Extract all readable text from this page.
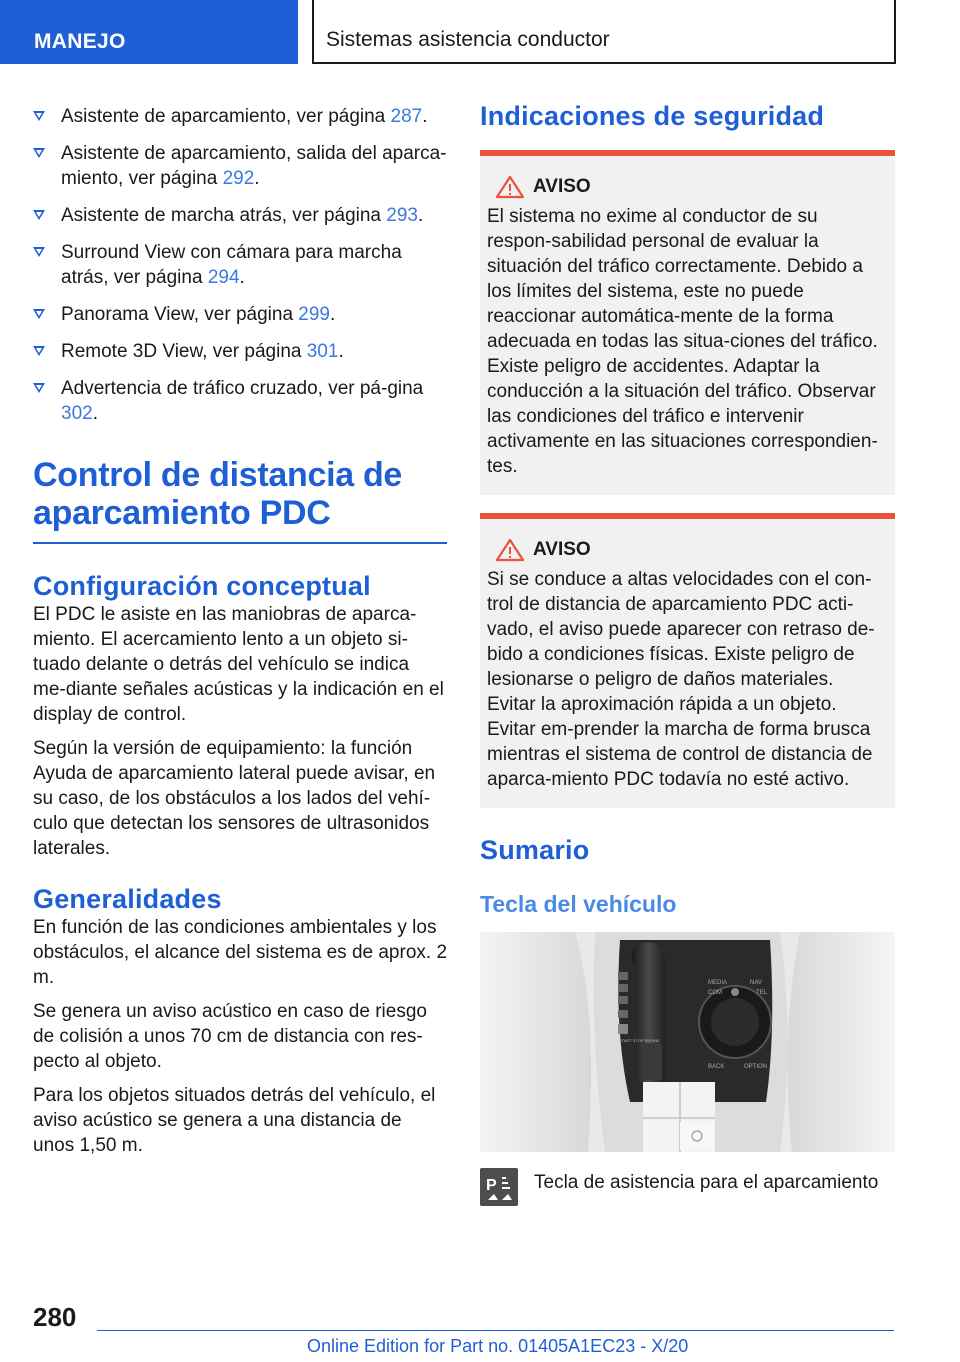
MANEJO	Sistemas asistencia conductor
Asistente de aparcamiento, ver página 287.
Asistente de aparcamiento, salida del aparca-miento, ver página 292.
Asistente de marcha atrás, ver página 293.
Surround View con cámara para marcha atrás, ver página 294.
Panorama View, ver página 299.
Remote 3D View, ver página 301.
Advertencia de tráfico cruzado, ver pá-gina 302.
Control de distancia de aparcamiento PDC
Configuración conceptual

El PDC le asiste en las maniobras de aparca-miento. El acercamiento lento a un objeto si-tuado delante o detrás del vehículo se indica me-diante señales acústicas y la indicación en el display de control.

Según la versión de equipamiento: la función Ayuda de aparcamiento lateral puede avisar, en su caso, de los obstáculos a los lados del vehí-culo que detectan los sensores de ultrasonidos laterales.

Generalidades

En función de las condiciones ambientales y los obstáculos, el alcance del sistema es de aprox. 2 m.

Se genera un aviso acústico en caso de riesgo de colisión a unos 70 cm de distancia con res-pecto al objeto.

Para los objetos situados detrás del vehículo, el aviso acústico se genera a una distancia de unos 1,50 m.

Indicaciones de seguridad
AVISO

El sistema no exime al conductor de su respon-sabilidad personal de evaluar la situación del tráfico correctamente. Debido a los límites del sistema, este no puede reaccionar automática-mente de la forma adecuada en todas las situa-ciones del tráfico. Existe peligro de accidentes. Adaptar la conducción a la situación del tráfico. Observar las condiciones del tráfico e intervenir activamente en las situaciones correspondien-tes.

AVISO

Si se conduce a altas velocidades con el con-trol de distancia de aparcamiento PDC acti-vado, el aviso puede aparecer con retraso de-bido a condiciones físicas. Existe peligro de lesionarse o peligro de daños materiales. Evitar la aproximación rápida a un objeto. Evitar em-prender la marcha de forma brusca mientras el sistema de control de distancia de aparca-miento PDC todavía no esté activo.

Sumario
Tecla del vehículo
MEDIA
COM
NAV
TEL
BACK	OPTION
START STOP ENGINE
P Tecla de asistencia para el aparcamiento
280
Online Edition for Part no. 01405A1EC23 - X/20
